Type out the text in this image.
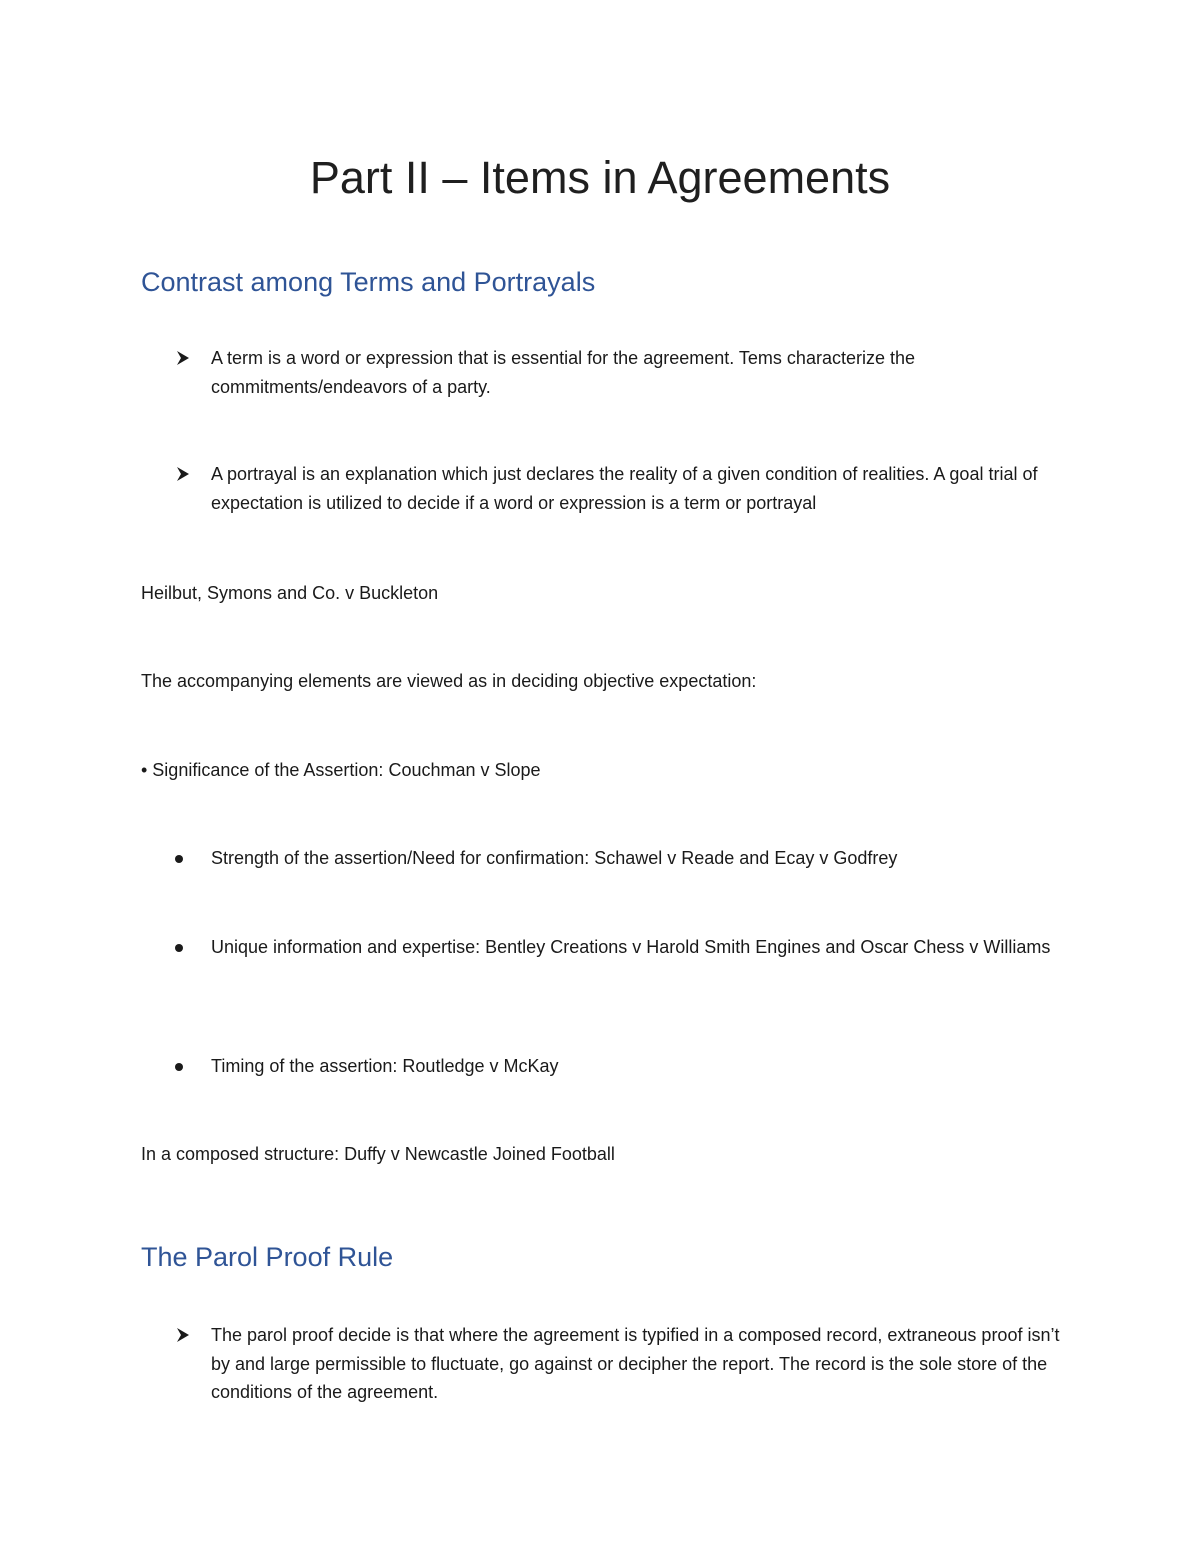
Part II – Items in Agreements
Contrast among Terms and Portrayals

A term is a word or expression that is essential for the agreement. Tems characterize the commitments/endeavors of a party.

A portrayal is an explanation which just declares the reality of a given condition of realities. A goal trial of expectation is utilized to decide if a word or expression is a term or portrayal

Heilbut, Symons and Co. v Buckleton

The accompanying elements are viewed as in deciding objective expectation:

• Significance of the Assertion: Couchman v Slope

Strength of the assertion/Need for confirmation: Schawel v Reade and Ecay v Godfrey

Unique information and expertise: Bentley Creations v Harold Smith Engines and Oscar Chess v Williams

Timing of the assertion: Routledge v McKay

In a composed structure: Duffy v Newcastle Joined Football

The Parol Proof Rule

The parol proof decide is that where the agreement is typified in a composed record, extraneous proof isn’t by and large permissible to fluctuate, go against or decipher the report. The record is the sole store of the conditions of the agreement.
